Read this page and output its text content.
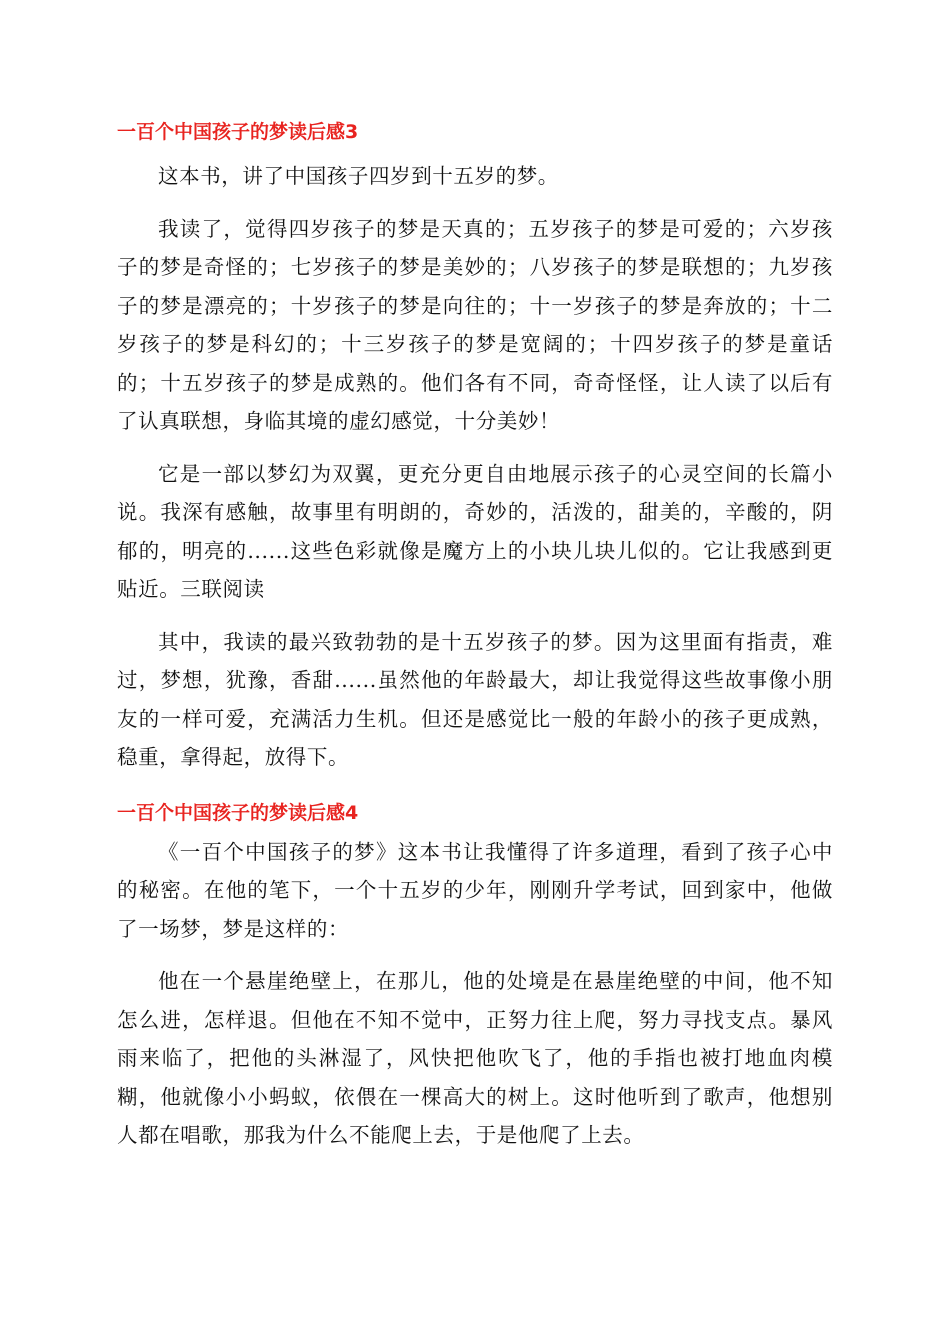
一百个中国孩子的梦读后感3

这本书，讲了中国孩子四岁到十五岁的梦。

我读了，觉得四岁孩子的梦是天真的；五岁孩子的梦是可爱的；六岁孩子的梦是奇怪的；七岁孩子的梦是美妙的；八岁孩子的梦是联想的；九岁孩子的梦是漂亮的；十岁孩子的梦是向往的；十一岁孩子的梦是奔放的；十二岁孩子的梦是科幻的；十三岁孩子的梦是宽阔的；十四岁孩子的梦是童话的；十五岁孩子的梦是成熟的。他们各有不同，奇奇怪怪，让人读了以后有了认真联想，身临其境的虚幻感觉，十分美妙！

它是一部以梦幻为双翼，更充分更自由地展示孩子的心灵空间的长篇小说。我深有感触，故事里有明朗的，奇妙的，活泼的，甜美的，辛酸的，阴郁的，明亮的......这些色彩就像是魔方上的小块儿块儿似的。它让我感到更贴近。三联阅读

其中，我读的最兴致勃勃的是十五岁孩子的梦。因为这里面有指责，难过，梦想，犹豫，香甜......虽然他的年龄最大，却让我觉得这些故事像小朋友的一样可爱，充满活力生机。但还是感觉比一般的年龄小的孩子更成熟，稳重，拿得起，放得下。

一百个中国孩子的梦读后感4

《一百个中国孩子的梦》这本书让我懂得了许多道理，看到了孩子心中的秘密。在他的笔下，一个十五岁的少年，刚刚升学考试，回到家中，他做了一场梦，梦是这样的：

他在一个悬崖绝壁上，在那儿，他的处境是在悬崖绝壁的中间，他不知怎么进，怎样退。但他在不知不觉中，正努力往上爬，努力寻找支点。暴风雨来临了，把他的头淋湿了，风快把他吹飞了，他的手指也被打地血肉模糊，他就像小小蚂蚁，依偎在一棵高大的树上。这时他听到了歌声，他想别人都在唱歌，那我为什么不能爬上去，于是他爬了上去。
